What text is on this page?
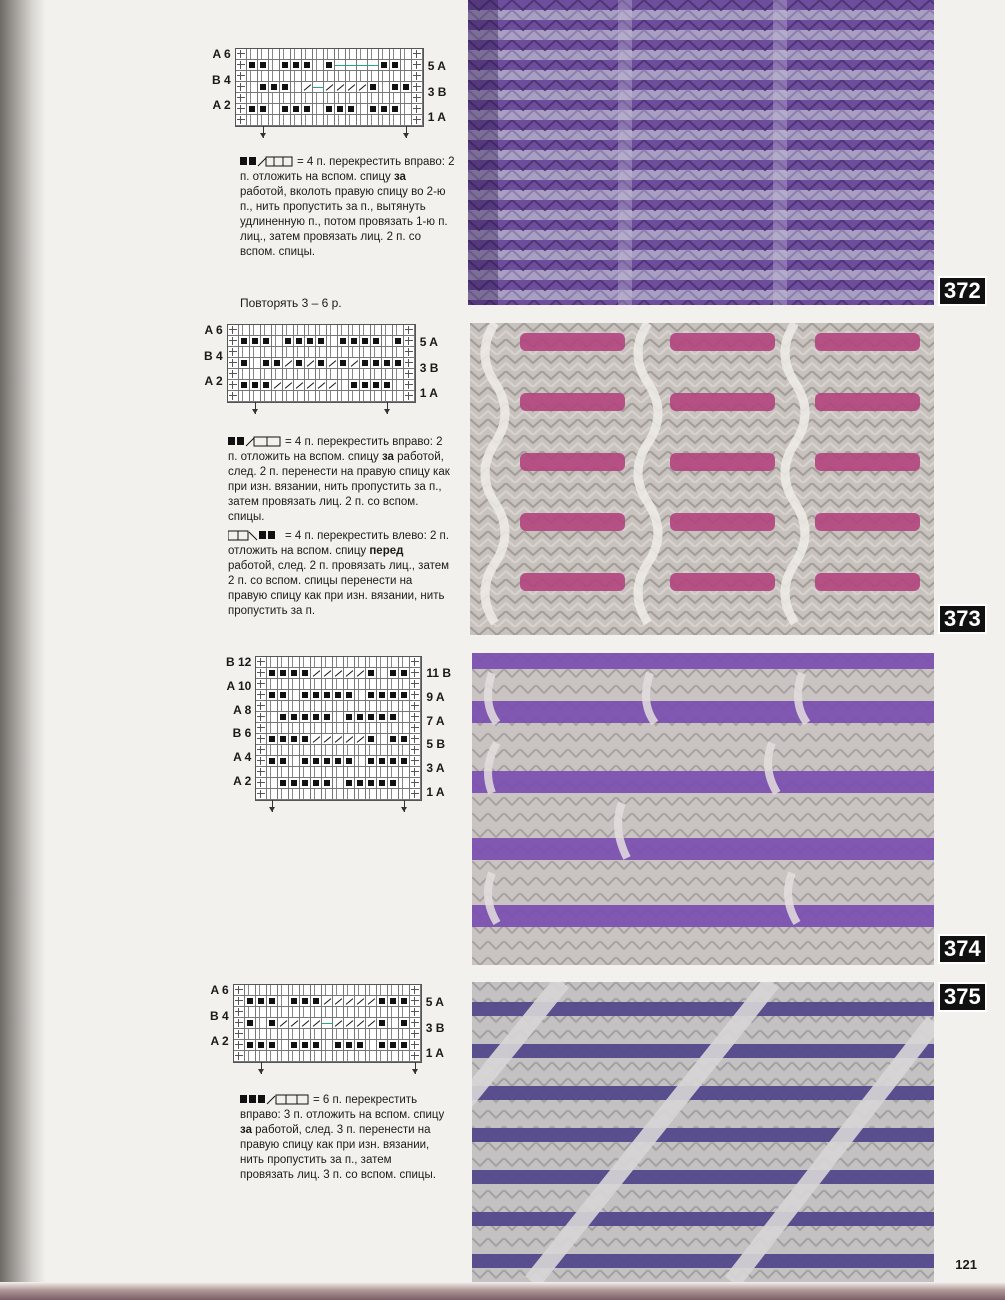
A 6
B 4
A 2
5 A
3 B
1 A
= 4 п. перекрестить вправо: 2 п. отложить на вспом. спицу за работой, вколоть правую спицу во 2-ю п., нить пропустить за п., вытянуть удлиненную п., потом провязать 1-ю п. лиц., затем провязать лиц. 2 п. со вспом. спицы.
Повторять 3 – 6 р.	372
A 6
B 4
A 2
5 A
3 B
1 A
= 4 п. перекрестить вправо: 2 п. отложить на вспом. спицу за работой, след. 2 п. перенести на правую спицу как при изн. вязании, нить пропустить за п., затем провязать лиц. 2 п. со вспом. спицы.
= 4 п. перекрестить влево: 2 п. отложить на вспом. спицу перед работой, след. 2 п. провязать лиц., затем 2 п. со вспом. спицы перенести на правую спицу как при изн. вязании, нить пропустить за п.	373
B 12
A 10
A 8
B 6
A 4
A 2
11 B
9 A
7 A
5 B
3 A
1 A
374
A 6
B 4
A 2
5 A
3 B
1 A
= 6 п. перекрестить вправо: 3 п. отложить на вспом. спицу за работой, след. 3 п. перенести на правую спицу как при изн. вязании, нить пропустить за п., затем провязать лиц. 3 п. со вспом. спицы.
375
121
